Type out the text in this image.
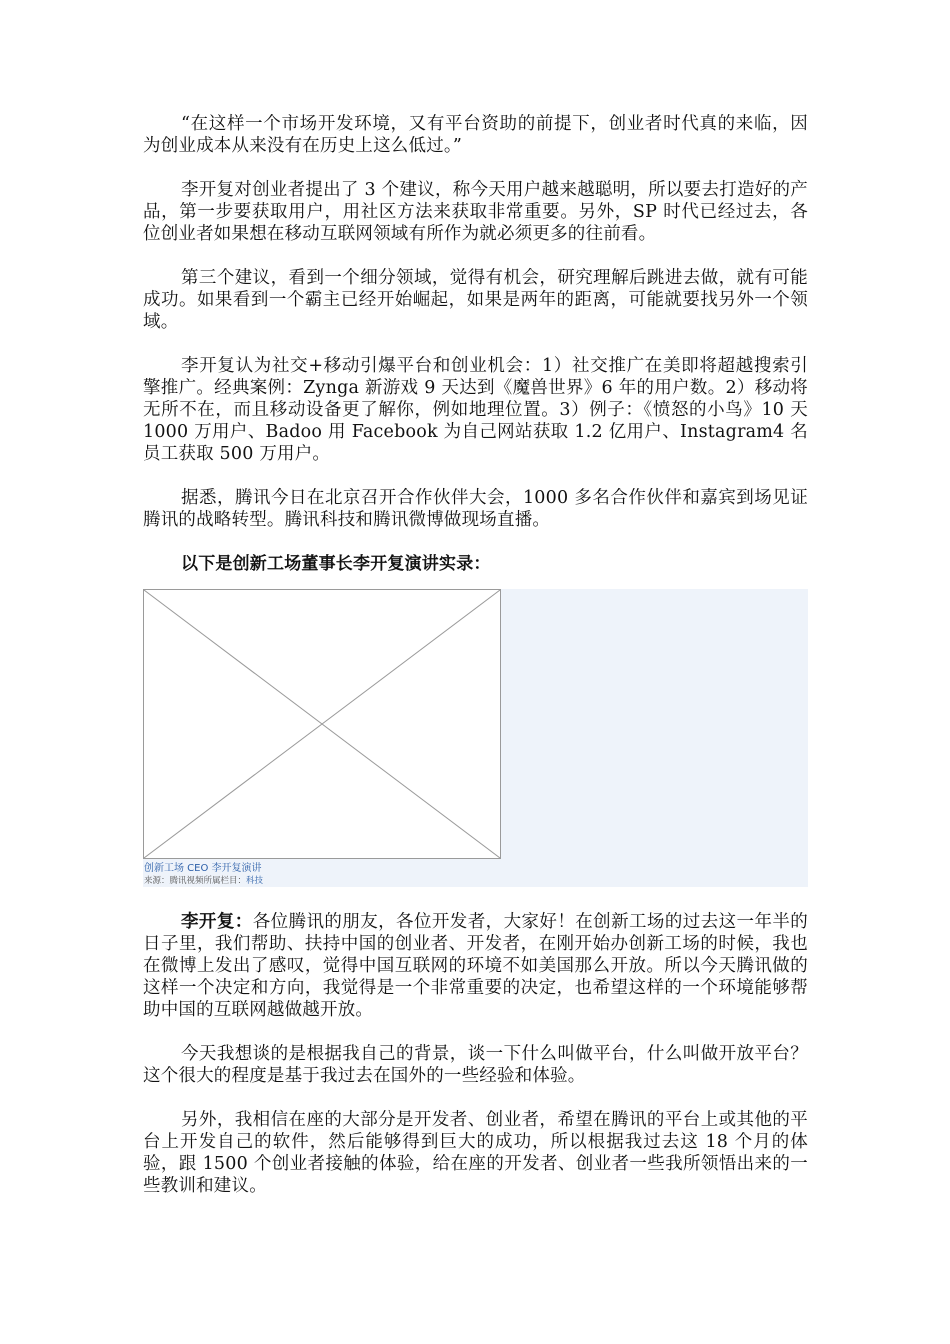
“在这样一个市场开发环境，又有平台资助的前提下，创业者时代真的来临，因为创业成本从来没有在历史上这么低过。”

李开复对创业者提出了 3 个建议，称今天用户越来越聪明，所以要去打造好的产品，第一步要获取用户，用社区方法来获取非常重要。另外，SP 时代已经过去，各位创业者如果想在移动互联网领域有所作为就必须更多的往前看。

第三个建议，看到一个细分领域，觉得有机会，研究理解后跳进去做，就有可能成功。如果看到一个霸主已经开始崛起，如果是两年的距离，可能就要找另外一个领域。

李开复认为社交+移动引爆平台和创业机会：1）社交推广在美即将超越搜索引擎推广。经典案例：Zynga 新游戏 9 天达到《魔兽世界》6 年的用户数。2）移动将无所不在，而且移动设备更了解你，例如地理位置。3）例子：《愤怒的小鸟》10 天 1000 万用户、Badoo 用 Facebook 为自己网站获取 1.2 亿用户、Instagram4 名员工获取 500 万用户。

据悉，腾讯今日在北京召开合作伙伴大会，1000 多名合作伙伴和嘉宾到场见证腾讯的战略转型。腾讯科技和腾讯微博做现场直播。

以下是创新工场董事长李开复演讲实录：

创新工场 CEO 李开复演讲
来源：腾讯视频所属栏目：科技

李开复：各位腾讯的朋友，各位开发者，大家好！在创新工场的过去这一年半的日子里，我们帮助、扶持中国的创业者、开发者，在刚开始办创新工场的时候，我也在微博上发出了感叹，觉得中国互联网的环境不如美国那么开放。所以今天腾讯做的这样一个决定和方向，我觉得是一个非常重要的决定，也希望这样的一个环境能够帮助中国的互联网越做越开放。

今天我想谈的是根据我自己的背景，谈一下什么叫做平台，什么叫做开放平台？这个很大的程度是基于我过去在国外的一些经验和体验。

另外，我相信在座的大部分是开发者、创业者，希望在腾讯的平台上或其他的平台上开发自己的软件，然后能够得到巨大的成功，所以根据我过去这 18 个月的体验，跟 1500 个创业者接触的体验，给在座的开发者、创业者一些我所领悟出来的一些教训和建议。
